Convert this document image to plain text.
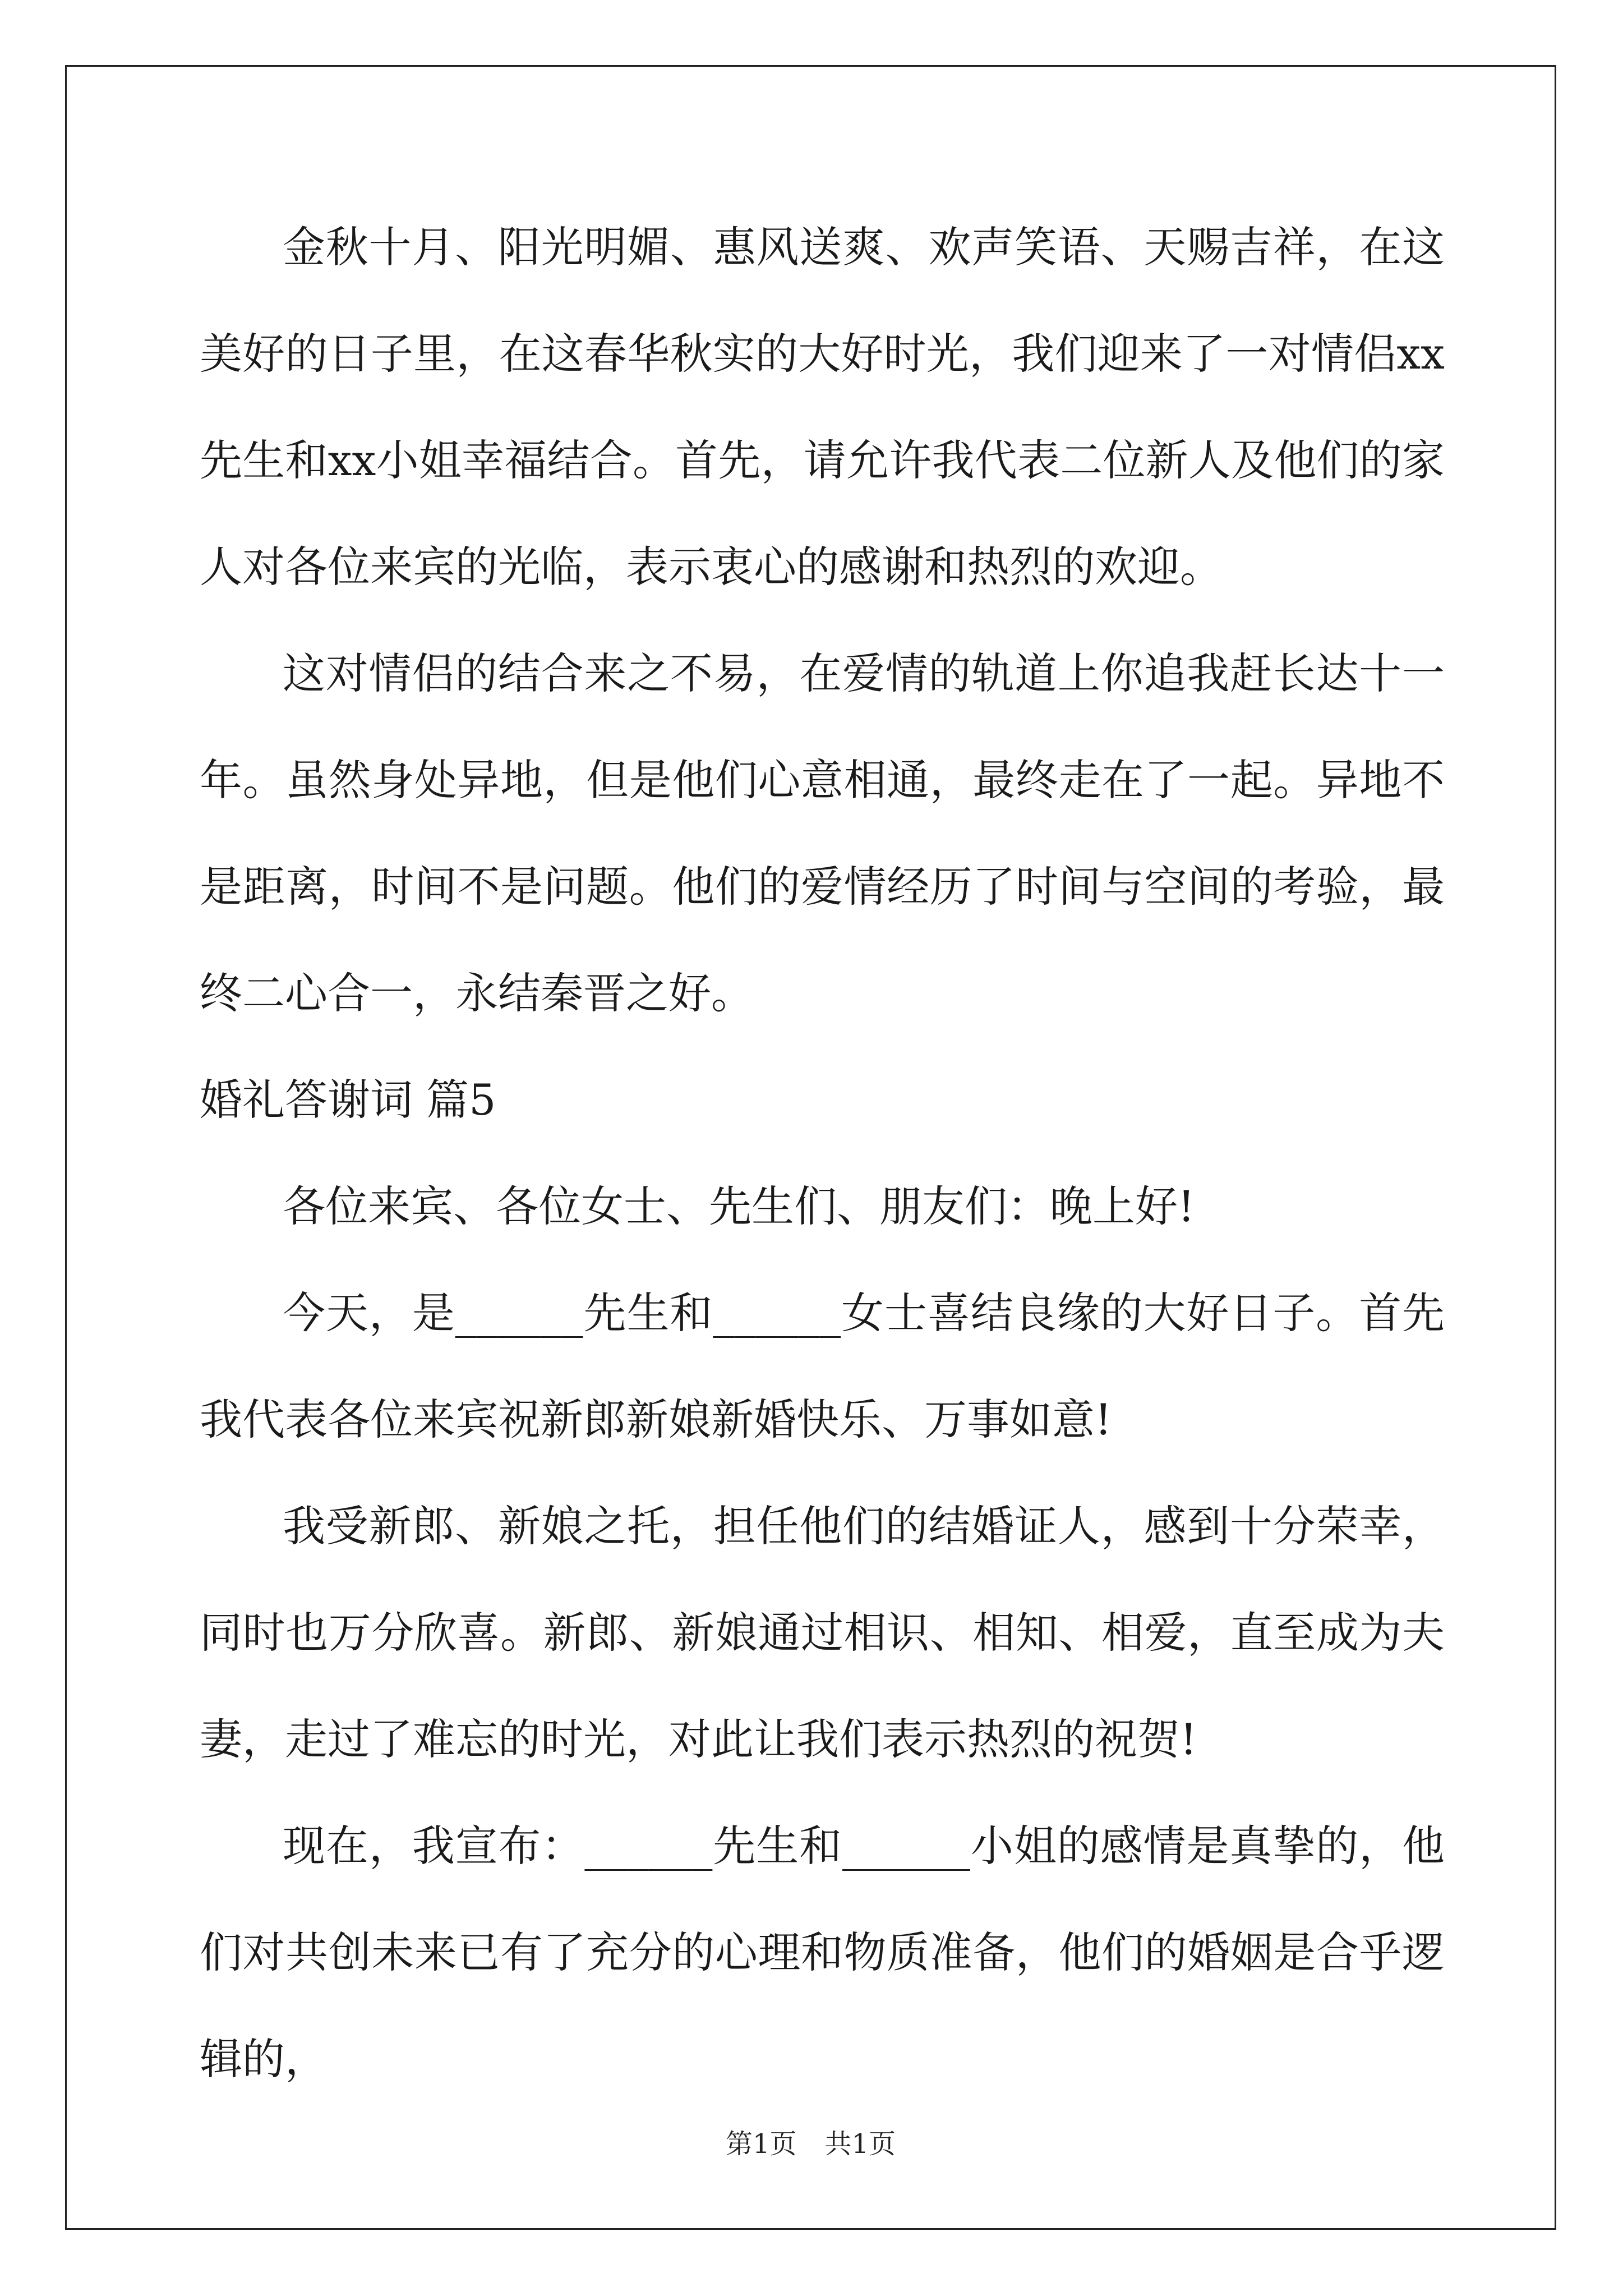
金秋十月、阳光明媚、惠风送爽、欢声笑语、天赐吉祥，在这美好的日子里，在这春华秋实的大好时光，我们迎来了一对情侣xx先生和xx小姐幸福结合。首先，请允许我代表二位新人及他们的家人对各位来宾的光临，表示衷心的感谢和热烈的欢迎。

这对情侣的结合来之不易，在爱情的轨道上你追我赶长达十一年。虽然身处异地，但是他们心意相通，最终走在了一起。异地不是距离，时间不是问题。他们的爱情经历了时间与空间的考验，最终二心合一，永结秦晋之好。

婚礼答谢词 篇5

各位来宾、各位女士、先生们、朋友们：晚上好!

今天，是______先生和______女士喜结良缘的大好日子。首先我代表各位来宾祝新郎新娘新婚快乐、万事如意!

我受新郎、新娘之托，担任他们的结婚证人，感到十分荣幸，同时也万分欣喜。新郎、新娘通过相识、相知、相爱，直至成为夫妻，走过了难忘的时光，对此让我们表示热烈的祝贺!

现在，我宣布：______先生和______小姐的感情是真挚的，他们对共创未来已有了充分的心理和物质准备，他们的婚姻是合乎逻辑的，

第1页 共1页
